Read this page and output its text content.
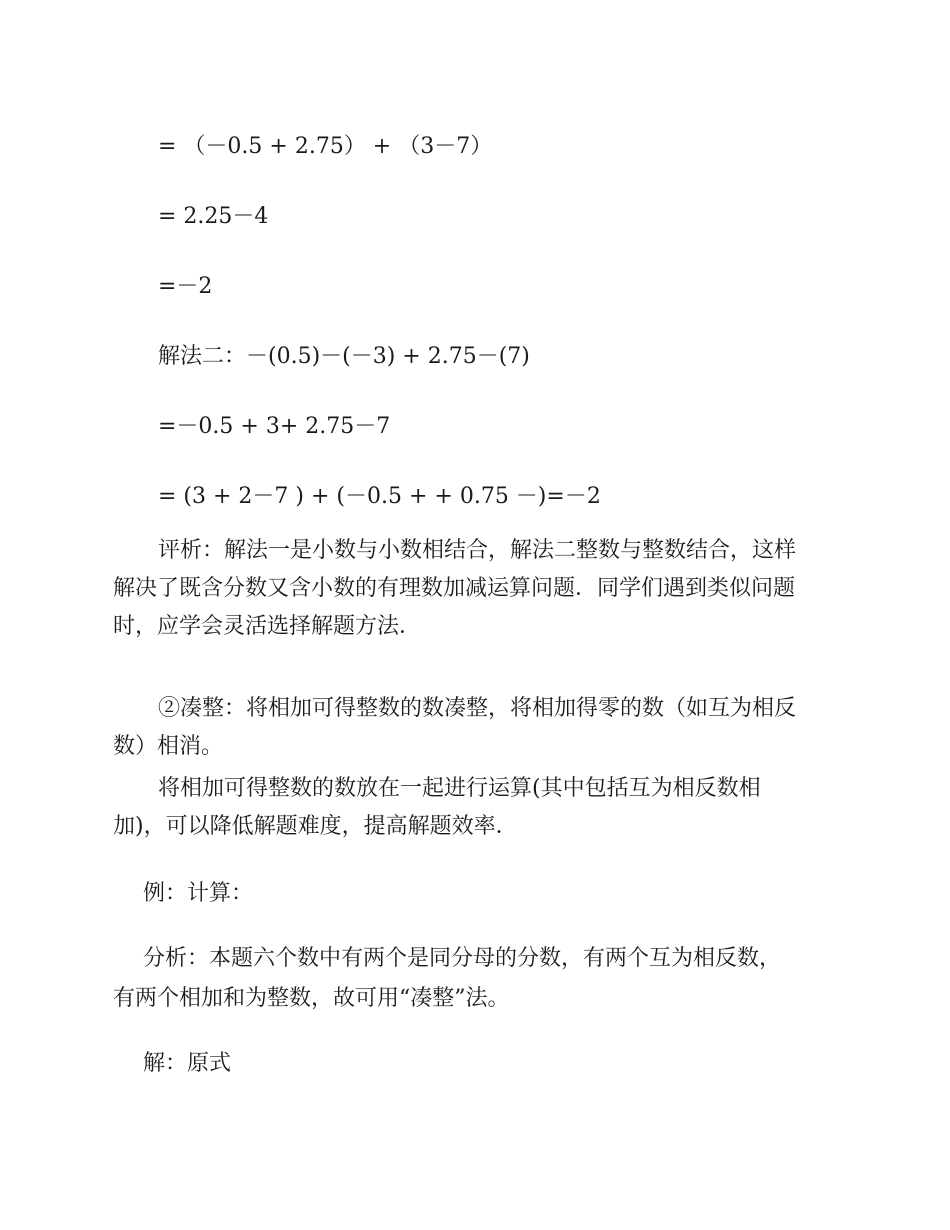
= （－0.5 + 2.75） + （3－7）
= 2.25－4
=－2
解法二：－(0.5)－(－3) + 2.75－(7)
=－0.5 + 3+ 2.75－7
= (3 + 2－7 ) + (－0.5 + + 0.75 －)=－2
评析：解法一是小数与小数相结合，解法二整数与整数结合，这样
解决了既含分数又含小数的有理数加减运算问题．同学们遇到类似问题
时，应学会灵活选择解题方法．
②凑整：将相加可得整数的数凑整，将相加得零的数（如互为相反
数）相消。
将相加可得整数的数放在一起进行运算(其中包括互为相反数相
加)，可以降低解题难度，提高解题效率．
例：计算：
分析：本题六个数中有两个是同分母的分数，有两个互为相反数，
有两个相加和为整数，故可用“凑整”法。
解：原式
